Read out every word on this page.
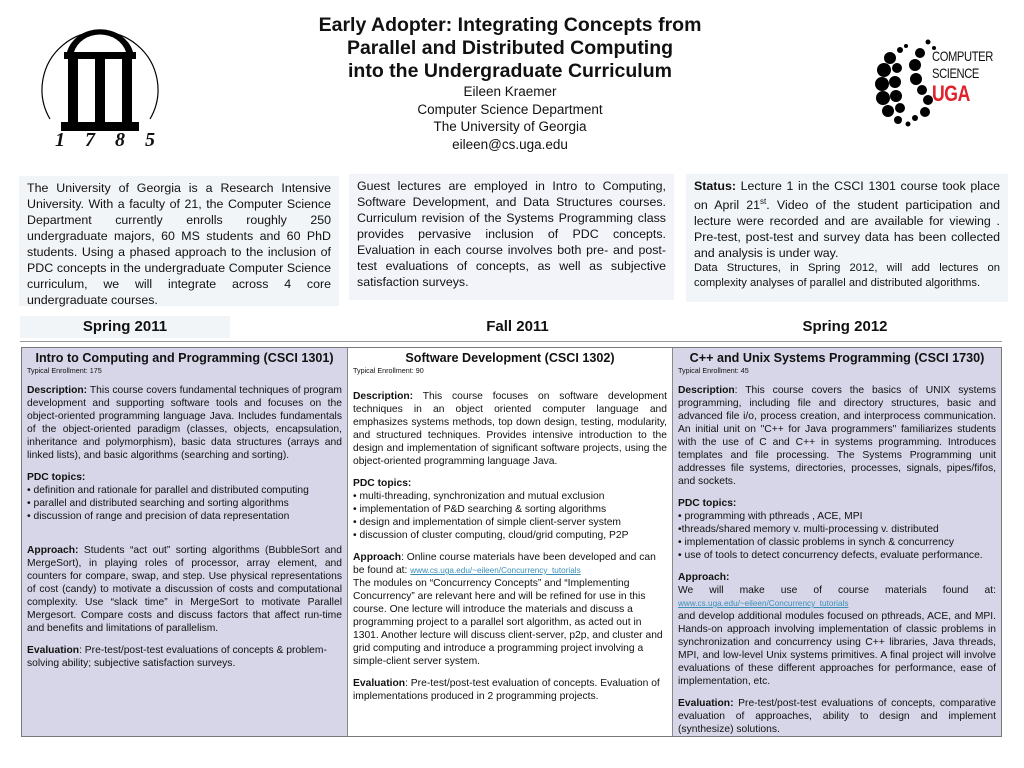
1 7 8 5
COMPUTER
SCIENCE
UGA
Early Adopter: Integrating Concepts from
Parallel and Distributed Computing
into the Undergraduate Curriculum
Eileen Kraemer
Computer Science Department
The University of Georgia
eileen@cs.uga.edu
The University of Georgia is a Research Intensive University. With a faculty of 21, the Computer Science Department currently enrolls roughly 250 undergraduate majors, 60 MS students and 60 PhD students. Using a phased approach to the inclusion of PDC concepts in the undergraduate Computer Science curriculum, we will integrate across 4 core undergraduate courses.
Guest lectures are employed in Intro to Computing, Software Development, and Data Structures courses. Curriculum revision of the Systems Programming class provides pervasive inclusion of PDC concepts. Evaluation in each course involves both pre- and post-test evaluations of concepts, as well as subjective satisfaction surveys.
Status: Lecture 1 in the CSCI 1301 course took place on April 21st. Video of the student participation and lecture were recorded and are available for viewing . Pre-test, post-test and survey data has been collected and analysis is under way.
Data Structures, in Spring 2012, will add lectures on complexity analyses of parallel and distributed algorithms.
Spring 2011	Fall 2011	Spring 2012
Intro to Computing and Programming (CSCI 1301)
Typical Enrollment: 175

Description: This course covers fundamental techniques of program development and supporting software tools and focuses on the object-oriented programming language Java. Includes fundamentals of the object-oriented paradigm (classes, objects, encapsulation, inheritance and polymorphism), basic data structures (arrays and linked lists), and basic algorithms (searching and sorting).

PDC topics:
• definition and rationale for parallel and distributed computing
• parallel and distributed searching and sorting algorithms
• discussion of range and precision of data representation

Approach: Students “act out” sorting algorithms (BubbleSort and MergeSort), in playing roles of processor, array element, and counters for compare, swap, and step. Use physical representations of cost (candy) to motivate a discussion of costs and computational complexity. Use “slack time” in MergeSort to motivate Parallel Mergesort. Compare costs and discuss factors that affect run-time and benefits and limitations of parallelism.

Evaluation: Pre-test/post-test evaluations of concepts & problem-solving ability; subjective satisfaction surveys.

Software Development (CSCI 1302)
Typical Enrollment: 90

Description: This course focuses on software development techniques in an object oriented computer language and emphasizes systems methods, top down design, testing, modularity, and structured techniques. Provides intensive introduction to the design and implementation of significant software projects, using the object-oriented programming language Java.

PDC topics:
• multi-threading, synchronization and mutual exclusion
• implementation of P&D searching & sorting algorithms
• design and implementation of simple client-server system
• discussion of cluster computing, cloud/grid computing, P2P

Approach: Online course materials have been developed and can be found at: www.cs.uga.edu/~eileen/Concurrency_tutorials
The modules on “Concurrency Concepts” and “Implementing Concurrency” are relevant here and will be refined for use in this course. One lecture will introduce the materials and discuss a programming project to a parallel sort algorithm, as acted out in 1301. Another lecture will discuss client-server, p2p, and cluster and grid computing and introduce a programming project involving a simple-client server system.

Evaluation: Pre-test/post-test evaluation of concepts. Evaluation of implementations produced in 2 programming projects.

C++ and Unix Systems Programming (CSCI 1730)
Typical Enrollment: 45

Description: This course covers the basics of UNIX systems programming, including file and directory structures, basic and advanced file i/o, process creation, and interprocess communication. An initial unit on "C++ for Java programmers" familiarizes students with the use of C and C++ in systems programming. Introduces templates and file processing. The Systems Programming unit addresses file systems, directories, processes, signals, pipes/fifos, and sockets.

PDC topics:
• programming with pthreads , ACE, MPI
•threads/shared memory v. multi-processing v. distributed
• implementation of classic problems in synch & concurrency
• use of tools to detect concurrency defects, evaluate performance.

Approach:

We will make use of course materials found at:
www.cs.uga.edu/~eileen/Concurrency_tutorials
and develop additional modules focused on pthreads, ACE, and MPI. Hands-on approach involving implementation of classic problems in synchronization and concurrency using C++ libraries, Java threads, MPI, and low-level Unix systems primitives. A final project will involve evaluations of these different approaches for performance, ease of implementation, etc.

Evaluation: Pre-test/post-test evaluations of concepts, comparative evaluation of approaches, ability to design and implement (synthesize) solutions.
